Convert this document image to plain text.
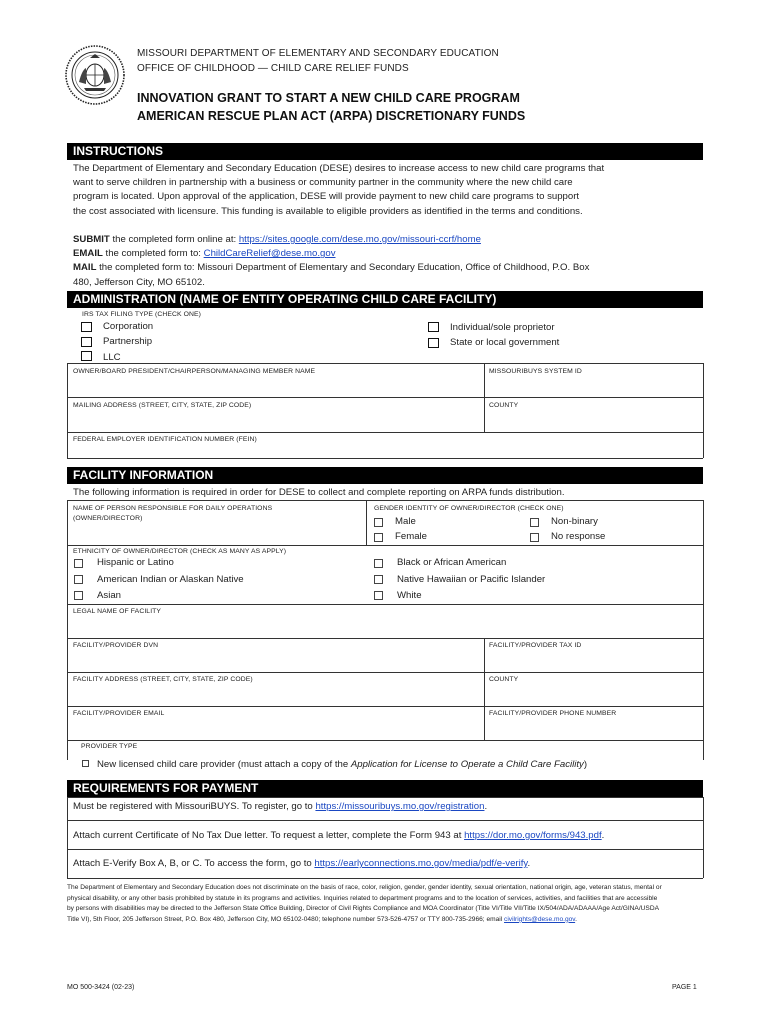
MISSOURI DEPARTMENT OF ELEMENTARY AND SECONDARY EDUCATION
OFFICE OF CHILDHOOD — CHILD CARE RELIEF FUNDS
INNOVATION GRANT TO START A NEW CHILD CARE PROGRAM
AMERICAN RESCUE PLAN ACT (ARPA) DISCRETIONARY FUNDS
INSTRUCTIONS
The Department of Elementary and Secondary Education (DESE) desires to increase access to new child care programs that
want to serve children in partnership with a business or community partner in the community where the new child care
program is located. Upon approval of the application, DESE will provide payment to new child care programs to support
the cost associated with licensure. This funding is available to eligible providers as identified in the terms and conditions.
SUBMIT the completed form online at: https://sites.google.com/dese.mo.gov/missouri-ccrf/home
EMAIL the completed form to: ChildCareRelief@dese.mo.gov
MAIL the completed form to: Missouri Department of Elementary and Secondary Education, Office of Childhood, P.O. Box
480, Jefferson City, MO 65102.
ADMINISTRATION (NAME OF ENTITY OPERATING CHILD CARE FACILITY)
IRS TAX FILING TYPE (CHECK ONE)
Corporation
Partnership
LLC
Individual/sole proprietor
State or local government
OWNER/BOARD PRESIDENT/CHAIRPERSON/MANAGING MEMBER NAME	MISSOURIBUYS SYSTEM ID
MAILING ADDRESS (STREET, CITY, STATE, ZIP CODE)	COUNTY
FEDERAL EMPLOYER IDENTIFICATION NUMBER (FEIN)
FACILITY INFORMATION
The following information is required in order for DESE to collect and complete reporting on ARPA funds distribution.
NAME OF PERSON RESPONSIBLE FOR DAILY OPERATIONS
(OWNER/DIRECTOR)
GENDER IDENTITY OF OWNER/DIRECTOR (CHECK ONE)
Male	Non-binary
Female	No response
ETHNICITY OF OWNER/DIRECTOR (CHECK AS MANY AS APPLY)
Hispanic or Latino
American Indian or Alaskan Native
Asian
Black or African American
Native Hawaiian or Pacific Islander
White
LEGAL NAME OF FACILITY
FACILITY/PROVIDER DVN	FACILITY/PROVIDER TAX ID
FACILITY ADDRESS (STREET, CITY, STATE, ZIP CODE)	COUNTY
FACILITY/PROVIDER EMAIL	FACILITY/PROVIDER PHONE NUMBER
PROVIDER TYPE
New licensed child care provider (must attach a copy of the Application for License to Operate a Child Care Facility)
REQUIREMENTS FOR PAYMENT
Must be registered with MissouriBUYS. To register, go to https://missouribuys.mo.gov/registration.
Attach current Certificate of No Tax Due letter. To request a letter, complete the Form 943 at https://dor.mo.gov/forms/943.pdf.
Attach E-Verify Box A, B, or C. To access the form, go to https://earlyconnections.mo.gov/media/pdf/e-verify.
The Department of Elementary and Secondary Education does not discriminate on the basis of race, color, religion, gender, gender identity, sexual orientation, national origin, age, veteran status, mental or
physical disability, or any other basis prohibited by statute in its programs and activities. Inquiries related to department programs and to the location of services, activities, and facilities that are accessible
by persons with disabilities may be directed to the Jefferson State Office Building, Director of Civil Rights Compliance and MOA Coordinator (Title VI/Title VII/Title IX/504/ADA/ADAAA/Age Act/GINA/USDA
Title VI), 5th Floor, 205 Jefferson Street, P.O. Box 480, Jefferson City, MO 65102-0480; telephone number 573-526-4757 or TTY 800-735-2966; email civilrights@dese.mo.gov.
MO 500-3424 (02-23)	PAGE 1
